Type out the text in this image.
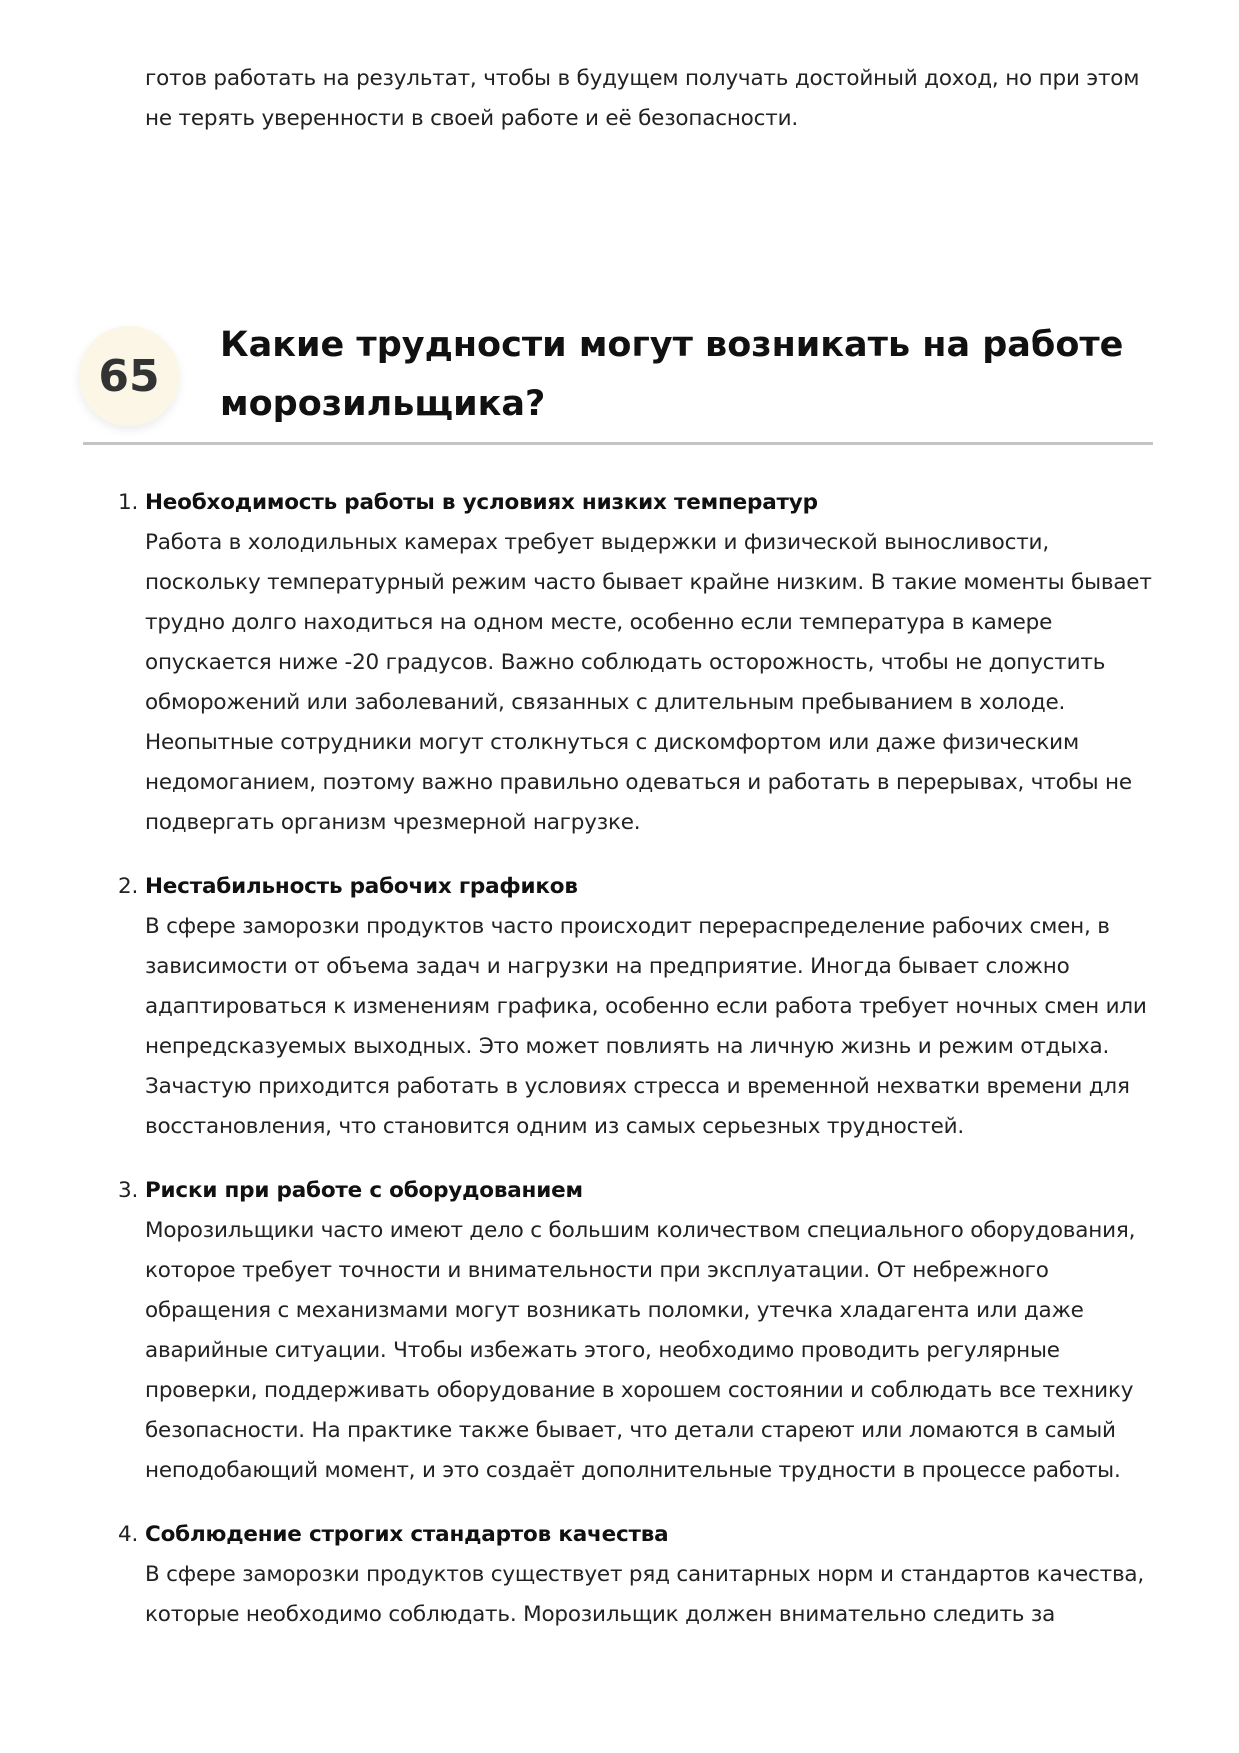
готов работать на результат, чтобы в будущем получать достойный доход, но при этом не терять уверенности в своей работе и её безопасности.

65
Какие трудности могут возникать на работе морозильщика?
1. Необходимость работы в условиях низких температур
Работа в холодильных камерах требует выдержки и физической выносливости, поскольку температурный режим часто бывает крайне низким. В такие моменты бывает трудно долго находиться на одном месте, особенно если температура в камере опускается ниже -20 градусов. Важно соблюдать осторожность, чтобы не допустить обморожений или заболеваний, связанных с длительным пребыванием в холоде. Неопытные сотрудники могут столкнуться с дискомфортом или даже физическим недомоганием, поэтому важно правильно одеваться и работать в перерывах, чтобы не подвергать организм чрезмерной нагрузке.
2. Нестабильность рабочих графиков
В сфере заморозки продуктов часто происходит перераспределение рабочих смен, в зависимости от объема задач и нагрузки на предприятие. Иногда бывает сложно адаптироваться к изменениям графика, особенно если работа требует ночных смен или непредсказуемых выходных. Это может повлиять на личную жизнь и режим отдыха. Зачастую приходится работать в условиях стресса и временной нехватки времени для восстановления, что становится одним из самых серьезных трудностей.
3. Риски при работе с оборудованием
Морозильщики часто имеют дело с большим количеством специального оборудования, которое требует точности и внимательности при эксплуатации. От небрежного обращения с механизмами могут возникать поломки, утечка хладагента или даже аварийные ситуации. Чтобы избежать этого, необходимо проводить регулярные проверки, поддерживать оборудование в хорошем состоянии и соблюдать все технику безопасности. На практике также бывает, что детали стареют или ломаются в самый неподобающий момент, и это создаёт дополнительные трудности в процессе работы.
4. Соблюдение строгих стандартов качества
В сфере заморозки продуктов существует ряд санитарных норм и стандартов качества, которые необходимо соблюдать. Морозильщик должен внимательно следить за
